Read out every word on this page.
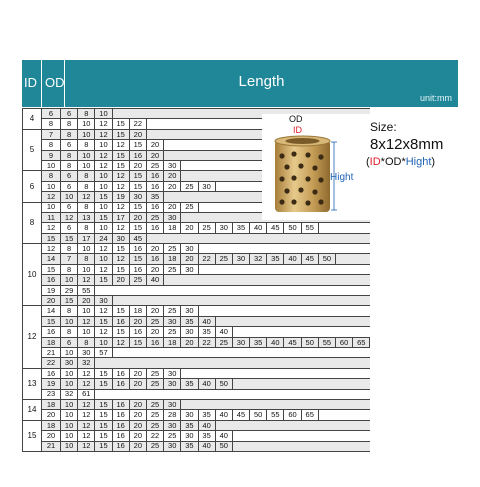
ID OD	Length
unit:mm
4	6	6	8	10															
	8	8	10	12	15	22													
5	7	8	10	12	15	20													
	8	6	8	10	12	15	20												
	9	8	10	12	15	16	20												
	10	8	10	12	15	20	25	30											
6	8	6	8	10	12	15	16	20											
	10	6	8	10	12	15	16	20	25	30									
	12	10	12	15	19	30	35												
8	10	6	8	10	12	15	16	20	25										
	11	12	13	15	17	20	25	30											
	12	6	8	10	12	15	16	18	20	25	30	35	40	45	50	55			
	15	15	17	24	30	45													
10	12	8	10	12	15	16	20	25	30										
	14	7	8	10	12	15	16	18	20	22	25	30	32	35	40	45	50		
	15	8	10	12	15	16	20	25	30										
	16	10	12	15	20	25	40												
	19	29	55																
	20	15	20	30															
12	14	8	10	12	15	18	20	25	30										
	15	10	12	15	16	20	25	30	35	40									
	16	8	10	12	15	16	20	25	30	35	40								
	18	6	8	10	12	15	16	18	20	22	25	30	35	40	45	50	55	60	65
	21	10	30	57															
	22	30	32																
13	16	10	12	15	16	20	25	30											
	19	10	12	15	16	20	25	30	35	40	50								
	23	32	61																
14	18	10	12	15	16	20	25	30											
	20	10	12	15	16	20	25	28	30	35	40	45	50	55	60	65			
15	18	10	12	15	16	20	25	30	35	40									
	20	10	12	15	16	20	22	25	30	35	40								
	21	10	12	15	16	20	25	30	35	40	50								
OD
ID
Hight
Size:
8x12x8mm
(ID*OD*Hight)
